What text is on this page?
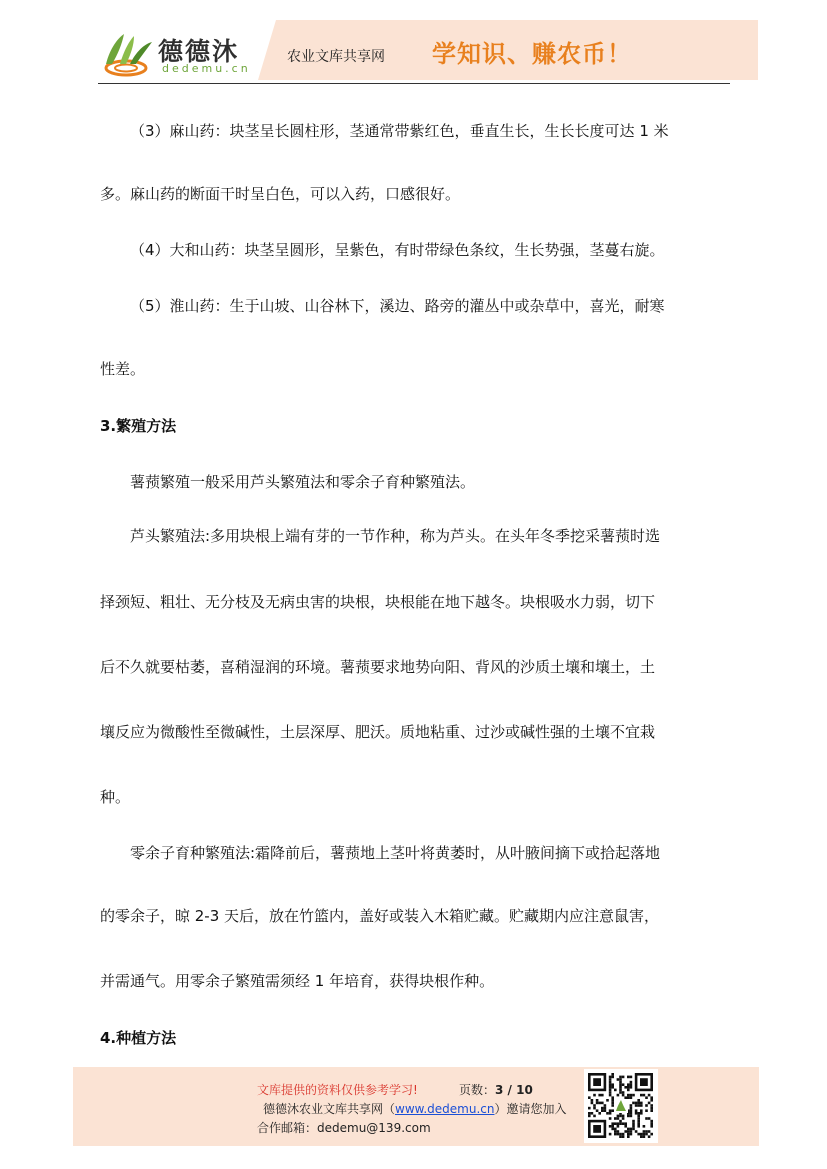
德德沐
dedemu.cn
农业文库共享网 学知识、赚农币！
（3）麻山药：块茎呈长圆柱形，茎通常带紫红色，垂直生长，生长长度可达 1 米
多。麻山药的断面干时呈白色，可以入药，口感很好。
（4）大和山药：块茎呈圆形，呈紫色，有时带绿色条纹，生长势强，茎蔓右旋。
（5）淮山药：生于山坡、山谷林下，溪边、路旁的灌丛中或杂草中，喜光，耐寒
性差。
3.繁殖方法
薯蓣繁殖一般采用芦头繁殖法和零余子育种繁殖法。
芦头繁殖法:多用块根上端有芽的一节作种，称为芦头。在头年冬季挖采薯蓣时选
择颈短、粗壮、无分枝及无病虫害的块根，块根能在地下越冬。块根吸水力弱，切下
后不久就要枯萎，喜稍湿润的环境。薯蓣要求地势向阳、背风的沙质土壤和壤土，土
壤反应为微酸性至微碱性，土层深厚、肥沃。质地粘重、过沙或碱性强的土壤不宜栽
种。
零余子育种繁殖法:霜降前后，薯蓣地上茎叶将黄萎时，从叶腋间摘下或拾起落地
的零余子，晾 2-3 天后，放在竹篮内，盖好或装入木箱贮藏。贮藏期内应注意鼠害，
并需通气。用零余子繁殖需须经 1 年培育，获得块根作种。
4.种植方法
文库提供的资料仅供参考学习!	页数：3 / 10
德德沐农业文库共享网（www.dedemu.cn）邀请您加入
合作邮箱：dedemu@139.com
